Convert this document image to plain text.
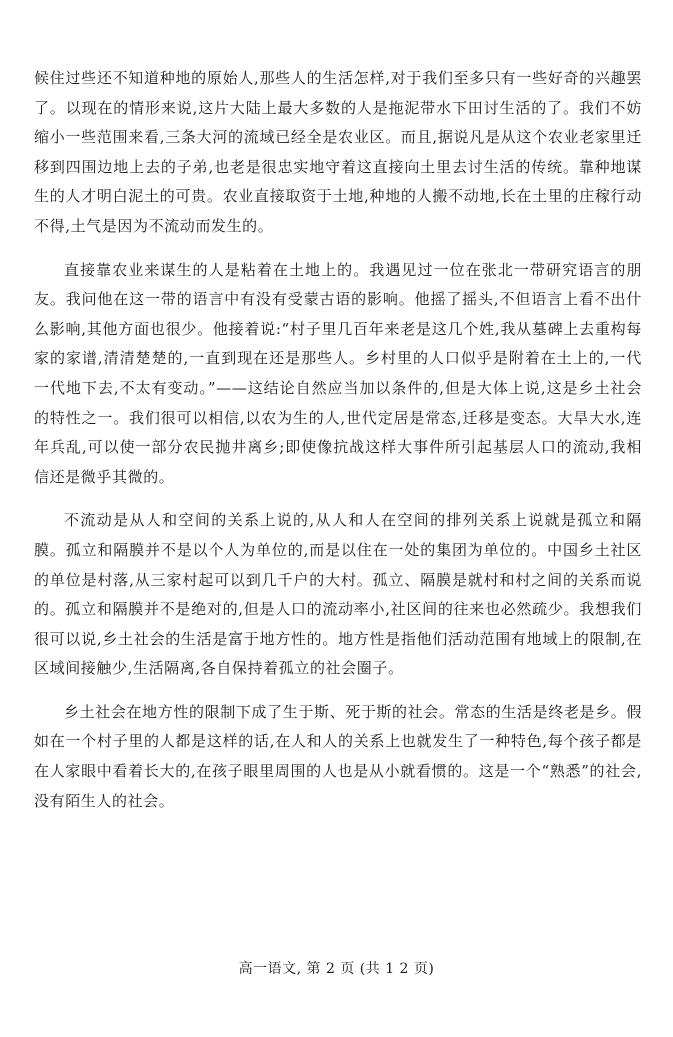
候住过些还不知道种地的原始人,那些人的生活怎样,对于我们至多只有一些好奇的兴趣罢了。以现在的情形来说,这片大陆上最大多数的人是拖泥带水下田讨生活的了。我们不妨缩小一些范围来看,三条大河的流域已经全是农业区。而且,据说凡是从这个农业老家里迁移到四围边地上去的子弟,也老是很忠实地守着这直接向土里去讨生活的传统。靠种地谋生的人才明白泥土的可贵。农业直接取资于土地,种地的人搬不动地,长在土里的庄稼行动不得,土气是因为不流动而发生的。

直接靠农业来谋生的人是粘着在土地上的。我遇见过一位在张北一带研究语言的朋友。我问他在这一带的语言中有没有受蒙古语的影响。他摇了摇头,不但语言上看不出什么影响,其他方面也很少。他接着说:“村子里几百年来老是这几个姓,我从墓碑上去重构每家的家谱,清清楚楚的,一直到现在还是那些人。乡村里的人口似乎是附着在土上的,一代一代地下去,不太有变动。”——这结论自然应当加以条件的,但是大体上说,这是乡土社会的特性之一。我们很可以相信,以农为生的人,世代定居是常态,迁移是变态。大旱大水,连年兵乱,可以使一部分农民抛井离乡;即使像抗战这样大事件所引起基层人口的流动,我相信还是微乎其微的。

不流动是从人和空间的关系上说的,从人和人在空间的排列关系上说就是孤立和隔膜。孤立和隔膜并不是以个人为单位的,而是以住在一处的集团为单位的。中国乡土社区的单位是村落,从三家村起可以到几千户的大村。孤立、隔膜是就村和村之间的关系而说的。孤立和隔膜并不是绝对的,但是人口的流动率小,社区间的往来也必然疏少。我想我们很可以说,乡土社会的生活是富于地方性的。地方性是指他们活动范围有地域上的限制,在区域间接触少,生活隔离,各自保持着孤立的社会圈子。

乡土社会在地方性的限制下成了生于斯、死于斯的社会。常态的生活是终老是乡。假如在一个村子里的人都是这样的话,在人和人的关系上也就发生了一种特色,每个孩子都是在人家眼中看着长大的,在孩子眼里周围的人也是从小就看惯的。这是一个“熟悉”的社会,没有陌生人的社会。

高一语文, 第 2 页 (共 1 2 页)
